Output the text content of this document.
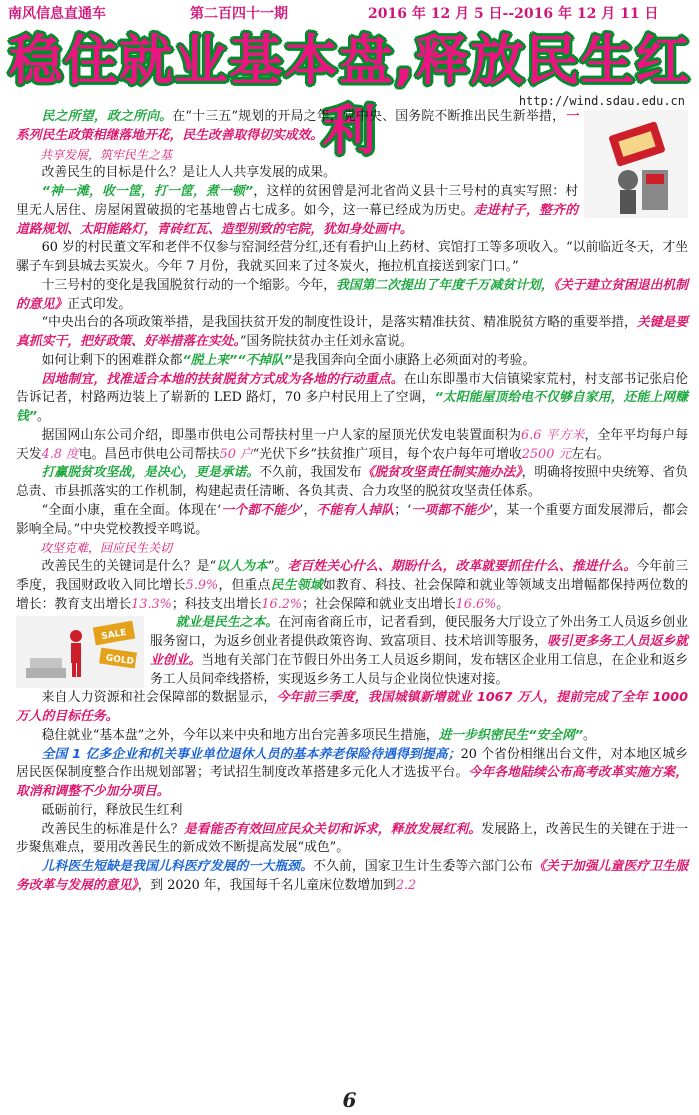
南风信息直通车	第二百四十一期	2016 年 12 月 5 日--2016 年 12 月 11 日
稳住就业基本盘,释放民生红利	http://wind.sdau.edu.cn

民之所望，政之所向。在“十三五”规划的开局之年，党中央、国务院不断推出民生新举措，一系列民生政策相继落地开花，民生改善取得切实成效。

共享发展，筑牢民生之基

改善民生的目标是什么？是让人人共享发展的成果。

“神一滩，收一筐，打一筐，煮一顿”，这样的贫困曾是河北省尚义县十三号村的真实写照：村里无人居住、房屋闲置破损的宅基地曾占七成多。如今，这一幕已经成为历史。走进村子，整齐的道路规划、太阳能路灯，青砖红瓦、造型别致的宅院，犹如身处画中。

60 岁的村民董文军和老伴不仅参与窑洞经营分红,还有看护山上药材、宾馆打工等多项收入。“以前临近冬天，才坐骡子车到县城去买炭火。今年 7 月份，我就买回来了过冬炭火，拖拉机直接送到家门口。”

十三号村的变化是我国脱贫行动的一个缩影。今年，我国第二次提出了年度千万减贫计划，《关于建立贫困退出机制的意见》正式印发。

“中央出台的各项政策举措，是我国扶贫开发的制度性设计，是落实精准扶贫、精准脱贫方略的重要举措，关键是要真抓实干，把好政策、好举措落在实处。”国务院扶贫办主任刘永富说。

如何让剩下的困难群众都“脱上来”“不掉队”是我国奔向全面小康路上必须面对的考验。

因地制宜，找准适合本地的扶贫脱贫方式成为各地的行动重点。在山东即墨市大信镇梁家荒村，村支部书记张启伦告诉记者，村路两边装上了崭新的 LED 路灯，70 多户村民用上了空调，“太阳能屋顶给电不仅够自家用，还能上网赚钱”。

据国网山东公司介绍，即墨市供电公司帮扶村里一户人家的屋顶光伏发电装置面积为6.6 平方米，全年平均每户每天发4.8 度电。昌邑市供电公司帮扶50 户“光伏下乡”扶贫推广项目，每个农户每年可增收2500 元左右。

打赢脱贫攻坚战，是决心，更是承诺。不久前，我国发布《脱贫攻坚责任制实施办法》，明确将按照中央统筹、省负总责、市县抓落实的工作机制，构建起责任清晰、各负其责、合力攻坚的脱贫攻坚责任体系。

“全面小康，重在全面。体现在‘一个都不能少’，不能有人掉队；‘一项都不能少’，某一个重要方面发展滞后，都会影响全局。”中央党校教授辛鸣说。

攻坚克难，回应民生关切

改善民生的关键词是什么？是“以人为本”。老百姓关心什么、期盼什么，改革就要抓住什么、推进什么。今年前三季度，我国财政收入同比增长5.9%，但重点民生领域如教育、科技、社会保障和就业等领域支出增幅都保持两位数的增长：教育支出增长13.3%；科技支出增长16.2%；社会保障和就业支出增长16.6%。

SALE
GOLD
就业是民生之本。在河南省商丘市，记者看到，便民服务大厅设立了外出务工人员返乡创业服务窗口，为返乡创业者提供政策咨询、致富项目、技术培训等服务，吸引更多务工人员返乡就业创业。当地有关部门在节假日外出务工人员返乡期间，发布辖区企业用工信息，在企业和返乡务工人员间牵线搭桥，实现返乡务工人员与企业岗位快速对接。

来自人力资源和社会保障部的数据显示，今年前三季度，我国城镇新增就业 1067 万人，提前完成了全年 1000 万人的目标任务。

稳住就业“基本盘”之外，今年以来中央和地方出台完善多项民生措施，进一步织密民生“安全网”。

全国 1 亿多企业和机关事业单位退休人员的基本养老保险待遇得到提高；20 个省份相继出台文件，对本地区城乡居民医保制度整合作出规划部署；考试招生制度改革搭建多元化人才选拔平台。今年各地陆续公布高考改革实施方案，取消和调整不少加分项目。

砥砺前行，释放民生红利

改善民生的标准是什么？是看能否有效回应民众关切和诉求，释放发展红利。发展路上，改善民生的关键在于进一步聚焦难点，要用改善民生的新成效不断提高发展“成色”。

儿科医生短缺是我国儿科医疗发展的一大瓶颈。不久前，国家卫生计生委等六部门公布《关于加强儿童医疗卫生服务改革与发展的意见》，到 2020 年，我国每千名儿童床位数增加到2.2

6
